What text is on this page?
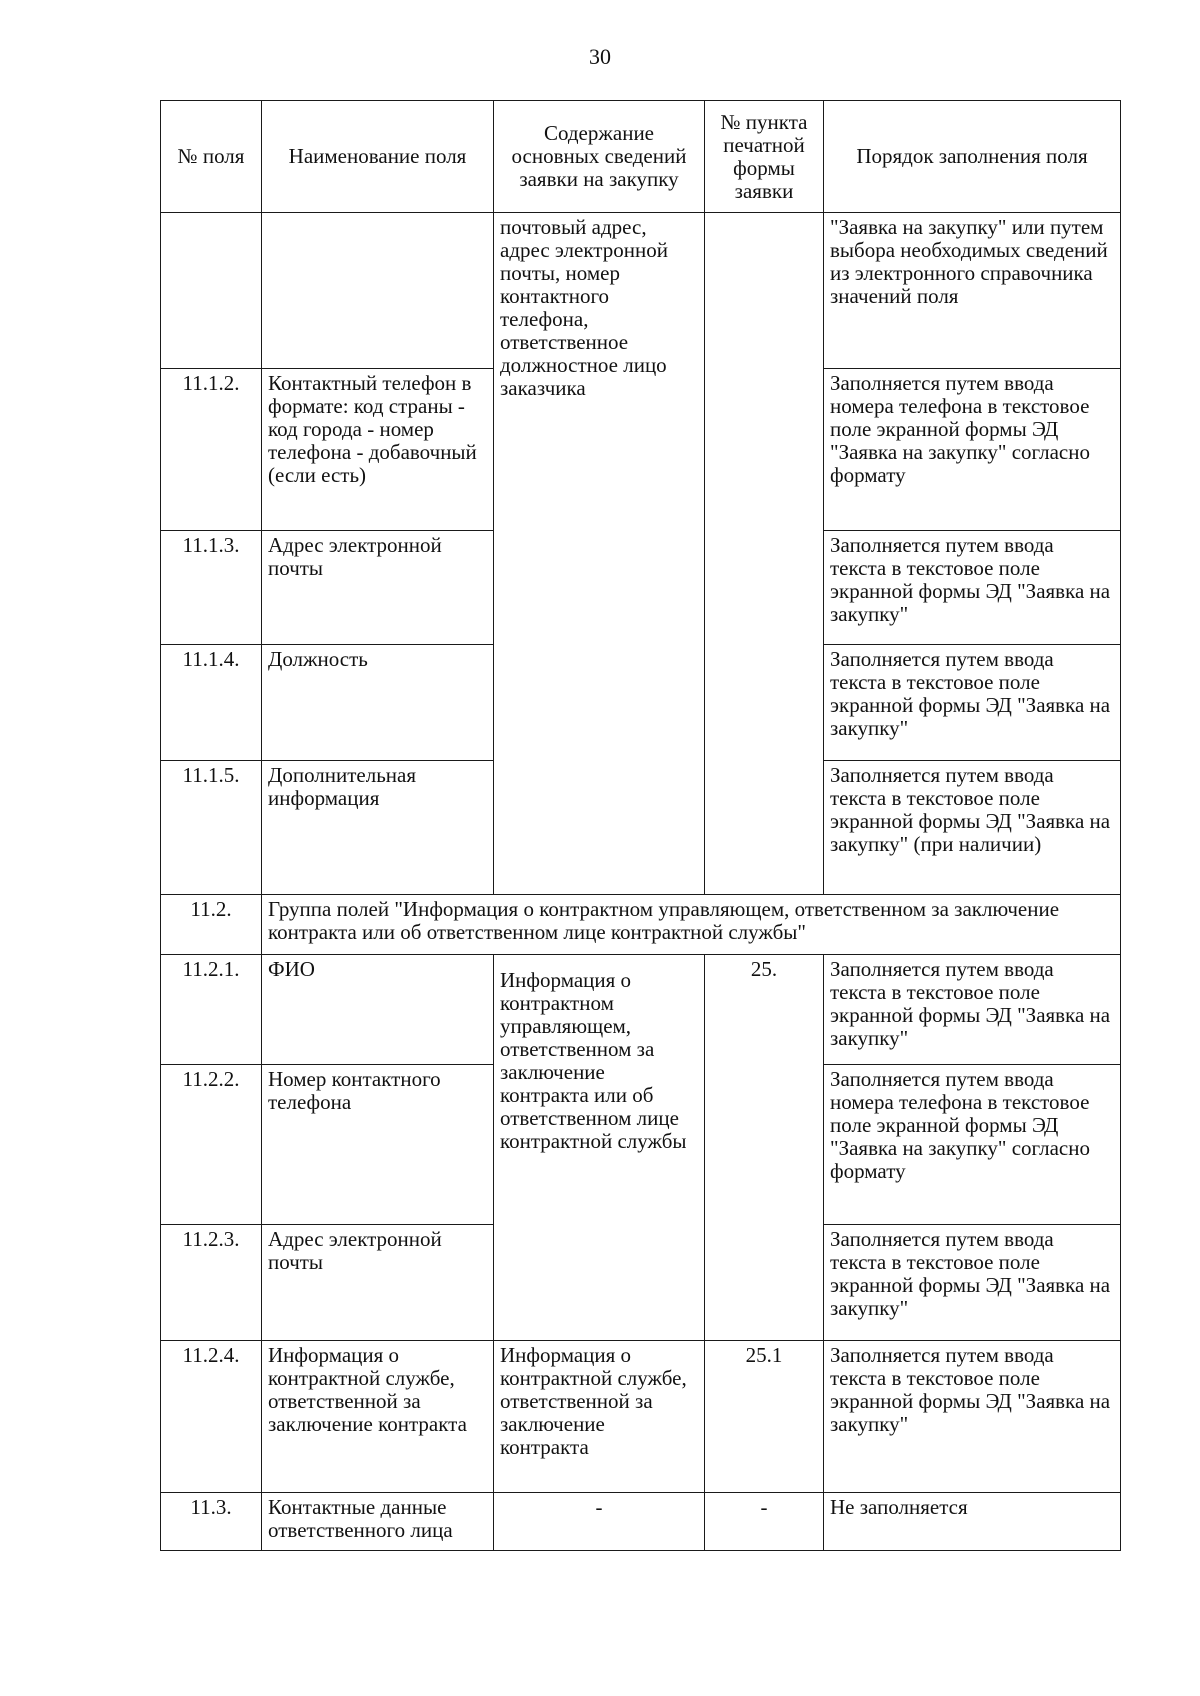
30
№ поля	Наименование поля	Содержание основных сведений заявки на закупку	№ пункта печатной формы заявки	Порядок заполнения поля
		почтовый адрес, адрес электронной почты, номер контактного телефона, ответственное должностное лицо заказчика		"Заявка на закупку" или путем выбора необходимых сведений из электронного справочника значений поля
11.1.2.	Контактный телефон в формате: код страны - код города - номер телефона - добавочный (если есть)			Заполняется путем ввода номера телефона в текстовое поле экранной формы ЭД "Заявка на закупку" согласно формату
11.1.3.	Адрес электронной почты			Заполняется путем ввода текста в текстовое поле экранной формы ЭД "Заявка на закупку"
11.1.4.	Должность			Заполняется путем ввода текста в текстовое поле экранной формы ЭД "Заявка на закупку"
11.1.5.	Дополнительная информация			Заполняется путем ввода текста в текстовое поле экранной формы ЭД "Заявка на закупку" (при наличии)
11.2.	Группа полей "Информация о контрактном управляющем, ответственном за заключение контракта или об ответственном лице контрактной службы"			
11.2.1.	ФИО	Информация о контрактном управляющем, ответственном за заключение контракта или об ответственном лице контрактной службы	25.	Заполняется путем ввода текста в текстовое поле экранной формы ЭД "Заявка на закупку"
11.2.2.	Номер контактного телефона			Заполняется путем ввода номера телефона в текстовое поле экранной формы ЭД "Заявка на закупку" согласно формату
11.2.3.	Адрес электронной почты			Заполняется путем ввода текста в текстовое поле экранной формы ЭД "Заявка на закупку"
11.2.4.	Информация о контрактной службе, ответственной за заключение контракта	Информация о контрактной службе, ответственной за заключение контракта	25.1	Заполняется путем ввода текста в текстовое поле экранной формы ЭД "Заявка на закупку"
11.3.	Контактные данные ответственного лица	-	-	Не заполняется
